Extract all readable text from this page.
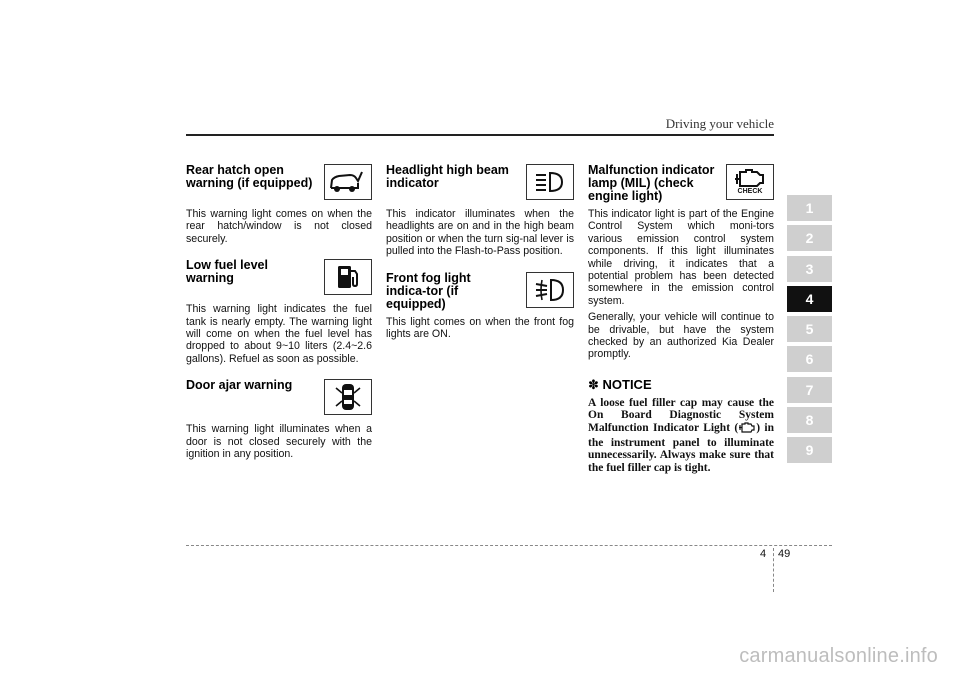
Driving your vehicle
Rear hatch open warning (if equipped)

This warning light comes on when the rear hatch/window is not closed securely.

Low fuel level warning

This warning light indicates the fuel tank is nearly empty. The warning light will come on when the fuel level has dropped to about 9~10 liters (2.4~2.6 gallons). Refuel as soon as possible.

Door ajar warning

This warning light illuminates when a door is not closed securely with the ignition in any position.

Headlight high beam indicator

This indicator illuminates when the headlights are on and in the high beam position or when the turn sig-nal lever is pulled into the Flash-to-Pass position.

Front fog light indica-tor (if equipped)

This light comes on when the front fog lights are ON.

Malfunction indicator lamp (MIL) (check engine light)	CHECK

This indicator light is part of the Engine Control System which moni-tors various emission control system components. If this light illuminates while driving, it indicates that a potential problem has been detected somewhere in the emission control system.

Generally, your vehicle will continue to be drivable, but have the system checked by an authorized Kia Dealer promptly.

✽ NOTICE

A loose fuel filler cap may cause the On Board Diagnostic System Malfunction Indicator Light ( ) in the instrument panel to illuminate unnecessarily. Always make sure that the fuel filler cap is tight.

1
2
3
4
5
6
7
8
9
4 49
carmanualsonline.info
